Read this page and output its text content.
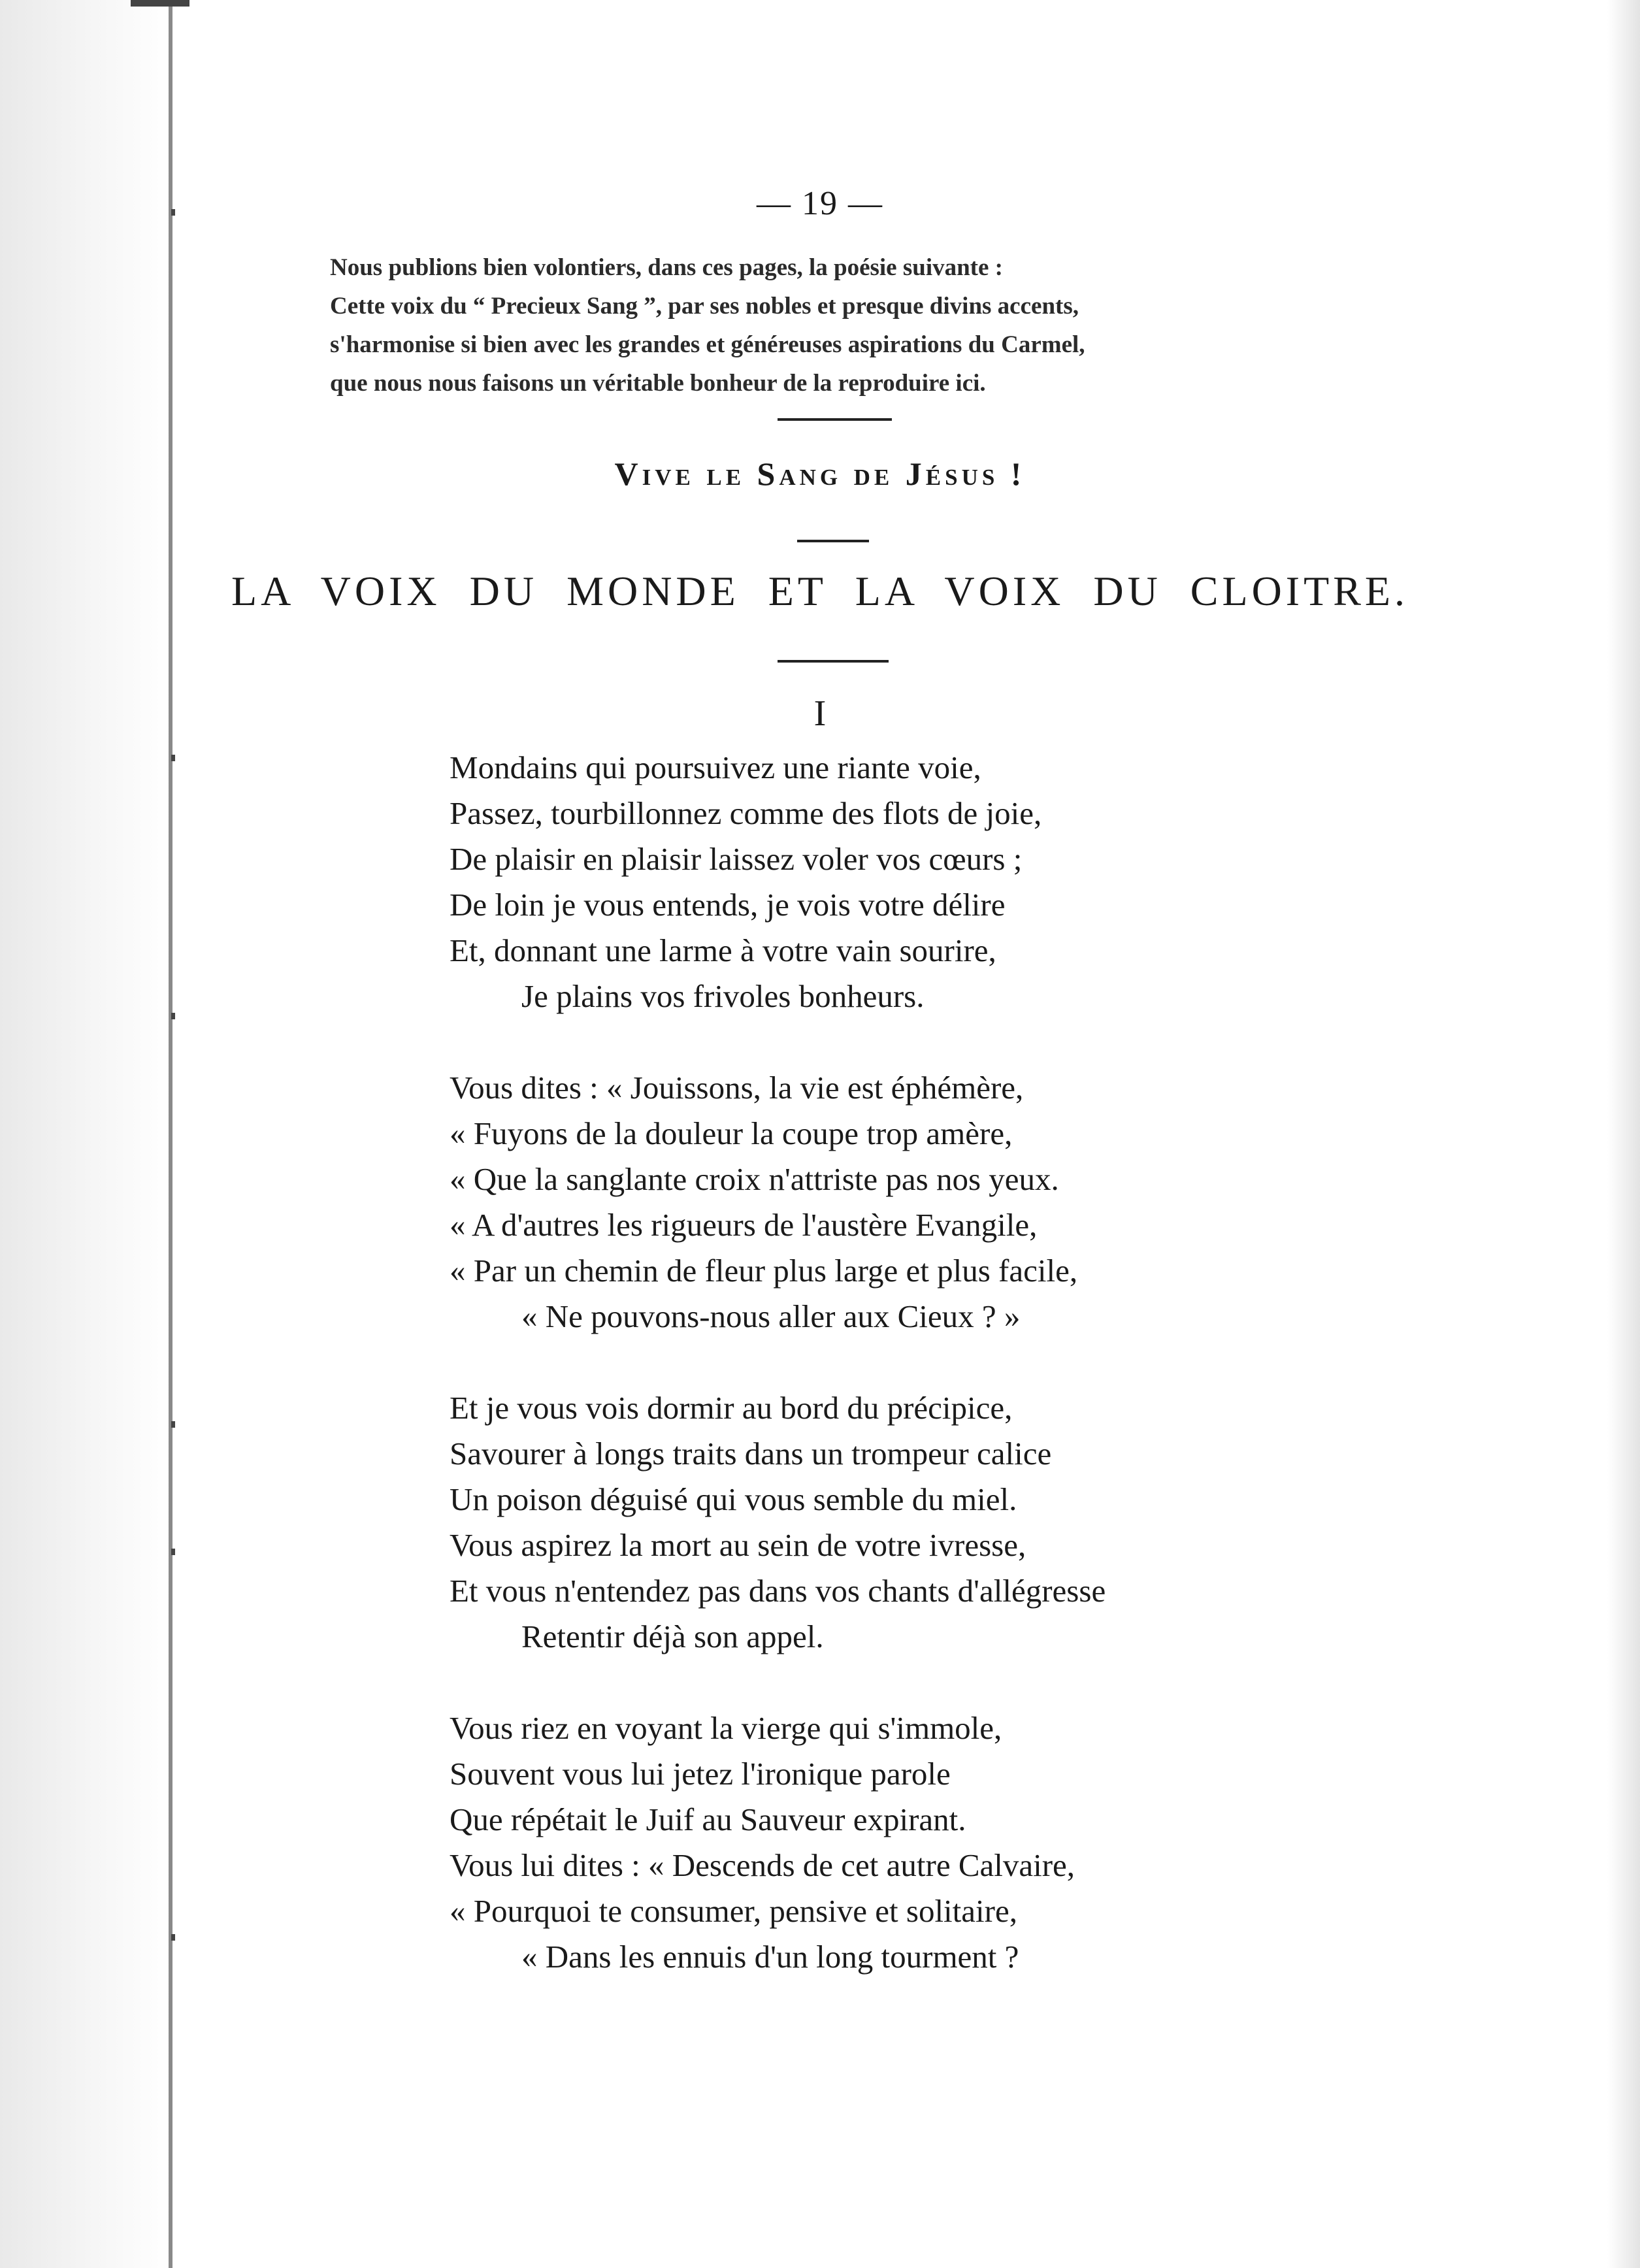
— 19 —
Nous publions bien volontiers, dans ces pages, la poésie suivante :
Cette voix du “ Precieux Sang ”, par ses nobles et presque divins accents,
s'harmonise si bien avec les grandes et généreuses aspirations du Carmel,
que nous nous faisons un véritable bonheur de la reproduire ici.
Vive le Sang de Jésus !
LA VOIX DU MONDE ET LA VOIX DU CLOITRE.
I
Mondains qui poursuivez une riante voie,
Passez, tourbillonnez comme des flots de joie,
De plaisir en plaisir laissez voler vos cœurs ;
De loin je vous entends, je vois votre délire
Et, donnant une larme à votre vain sourire,
Je plains vos frivoles bonheurs.
Vous dites : « Jouissons, la vie est éphémère,
« Fuyons de la douleur la coupe trop amère,
« Que la sanglante croix n'attriste pas nos yeux.
« A d'autres les rigueurs de l'austère Evangile,
« Par un chemin de fleur plus large et plus facile,
« Ne pouvons-nous aller aux Cieux ? »
Et je vous vois dormir au bord du précipice,
Savourer à longs traits dans un trompeur calice
Un poison déguisé qui vous semble du miel.
Vous aspirez la mort au sein de votre ivresse,
Et vous n'entendez pas dans vos chants d'allégresse
Retentir déjà son appel.
Vous riez en voyant la vierge qui s'immole,
Souvent vous lui jetez l'ironique parole
Que répétait le Juif au Sauveur expirant.
Vous lui dites : « Descends de cet autre Calvaire,
« Pourquoi te consumer, pensive et solitaire,
« Dans les ennuis d'un long tourment ?
